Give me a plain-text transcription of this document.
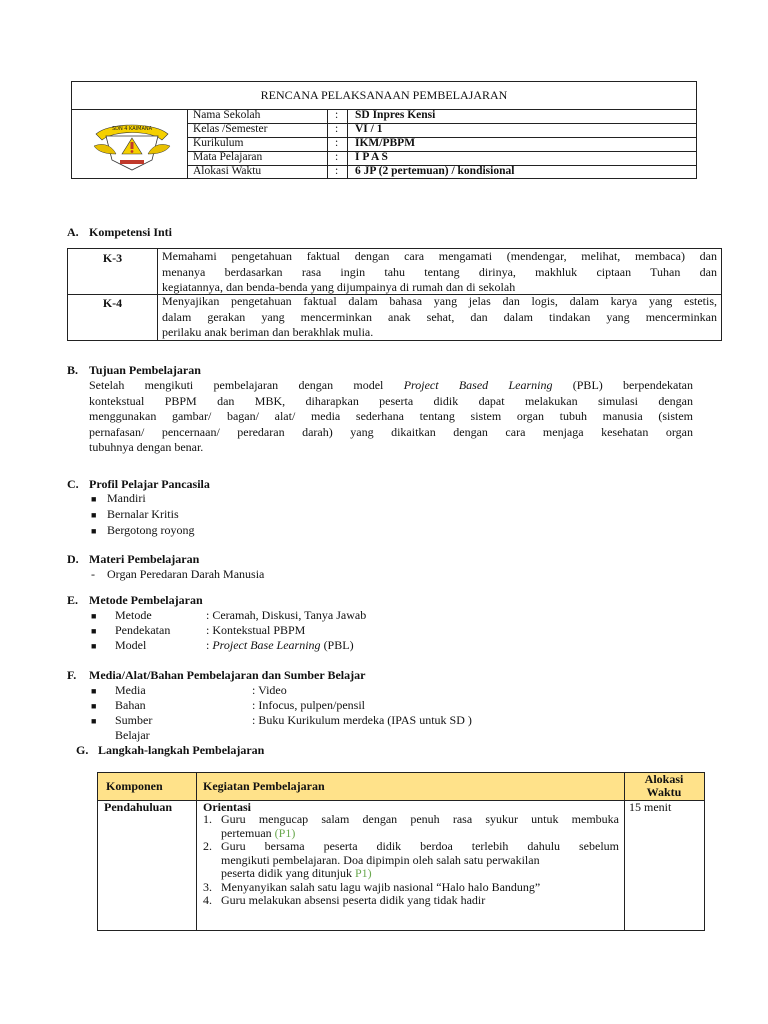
RENCANA PELAKSANAAN PEMBELAJARAN
SDN 4 KAIMANA
Nama Sekolah	: SD Inpres Kensi
Kelas /Semester	: VI / 1
Kurikulum	: IKM/PBPM
Mata Pelajaran	: I P A S
Alokasi Waktu	: 6 JP (2 pertemuan) / kondisional
A. Kompetensi Inti
K-3	Memahami pengetahuan faktual dengan cara mengamati (mendengar, melihat, membaca) dan
menanya berdasarkan rasa ingin tahu tentang dirinya, makhluk ciptaan Tuhan dan
kegiatannya, dan benda-benda yang dijumpainya di rumah dan di sekolah
K-4	Menyajikan pengetahuan faktual dalam bahasa yang jelas dan logis, dalam karya yang estetis,
dalam gerakan yang mencerminkan anak sehat, dan dalam tindakan yang mencerminkan
perilaku anak beriman dan berakhlak mulia.
B. Tujuan Pembelajaran
Setelah mengikuti pembelajaran dengan model Project Based Learning (PBL) berpendekatan
kontekstual PBPM dan MBK, diharapkan peserta didik dapat melakukan simulasi dengan
menggunakan gambar/ bagan/ alat/ media sederhana tentang sistem organ tubuh manusia (sistem
pernafasan/ pencernaan/ peredaran darah) yang dikaitkan dengan cara menjaga kesehatan organ
tubuhnya dengan benar.
C. Profil Pelajar Pancasila
■ Mandiri
■ Bernalar Kritis
■ Bergotong royong
D. Materi Pembelajaran
- Organ Peredaran Darah Manusia
E. Metode Pembelajaran
■ Metode	: Ceramah, Diskusi, Tanya Jawab
■ Pendekatan	: Kontekstual PBPM
■ Model	: Project Base Learning (PBL)
F. Media/Alat/Bahan Pembelajaran dan Sumber Belajar
■ Media	: Video
■ Bahan	: Infocus, pulpen/pensil
■ Sumber Belajar
: Buku Kurikulum merdeka (IPAS untuk SD )
G. Langkah-langkah Pembelajaran
Komponen	Kegiatan Pembelajaran	Alokasi
Waktu
Pendahuluan	Orientasi	15 menit
1. Guru mengucap salam dengan penuh rasa syukur untuk membuka
pertemuan (P1)
2. Guru bersama peserta didik berdoa terlebih dahulu sebelum
mengikuti pembelajaran. Doa dipimpin oleh salah satu perwakilan
peserta didik yang ditunjuk P1)
3. Menyanyikan salah satu lagu wajib nasional “Halo halo Bandung”
4. Guru melakukan absensi peserta didik yang tidak hadir
